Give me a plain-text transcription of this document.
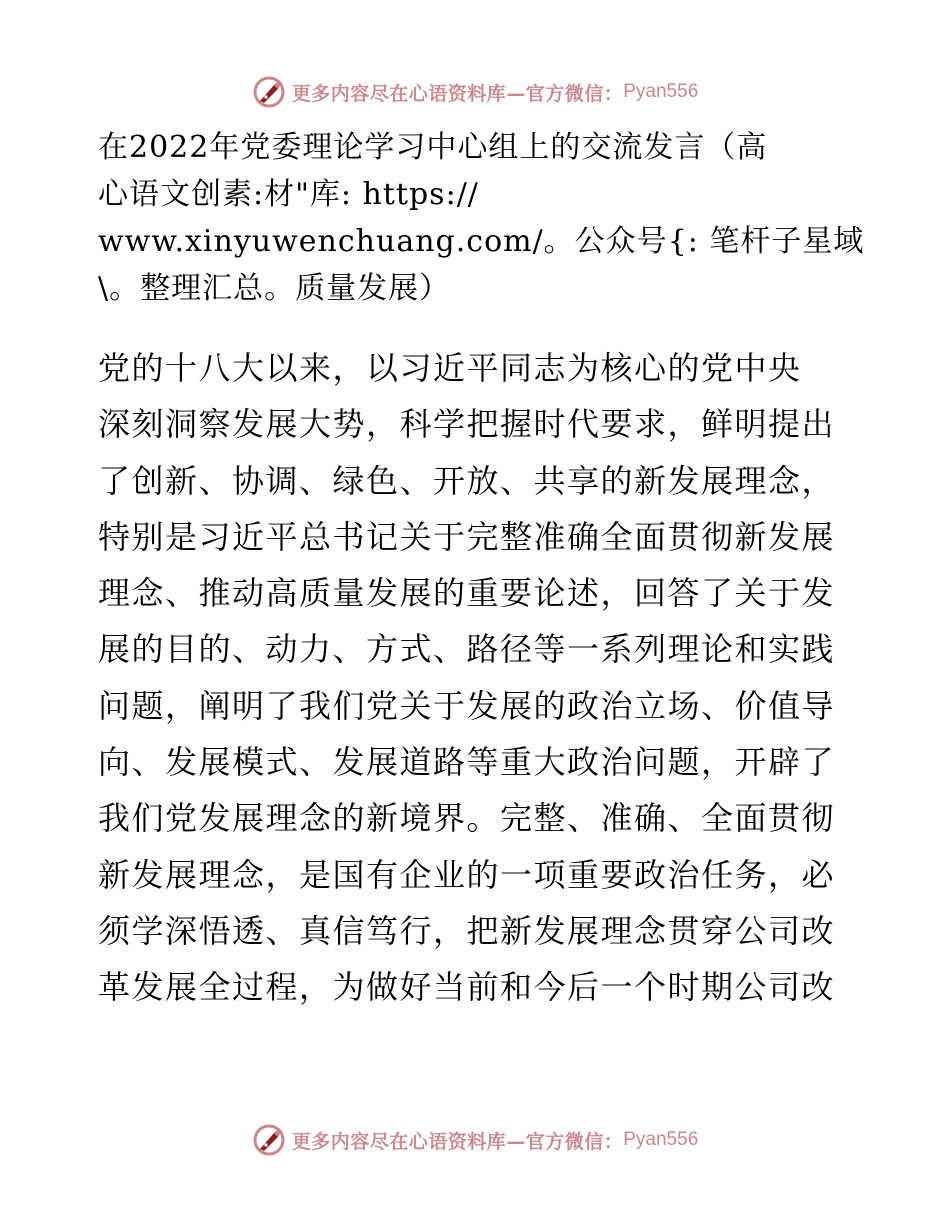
更多内容尽在心语资料库—官方微信： Pyan556
在2022年党委理论学习中心组上的交流发言（高
心语文创素:材"库: https://
www.xinyuwenchuang.com/。公众号{: 笔杆子星域
\。整理汇总。质量发展）
党的十八大以来，以习近平同志为核心的党中央
深刻洞察发展大势，科学把握时代要求，鲜明提出
了创新、协调、绿色、开放、共享的新发展理念，
特别是习近平总书记关于完整准确全面贯彻新发展
理念、推动高质量发展的重要论述，回答了关于发
展的目的、动力、方式、路径等一系列理论和实践
问题，阐明了我们党关于发展的政治立场、价值导
向、发展模式、发展道路等重大政治问题，开辟了
我们党发展理念的新境界。完整、准确、全面贯彻
新发展理念，是国有企业的一项重要政治任务，必
须学深悟透、真信笃行，把新发展理念贯穿公司改
革发展全过程，为做好当前和今后一个时期公司改
更多内容尽在心语资料库—官方微信： Pyan556
